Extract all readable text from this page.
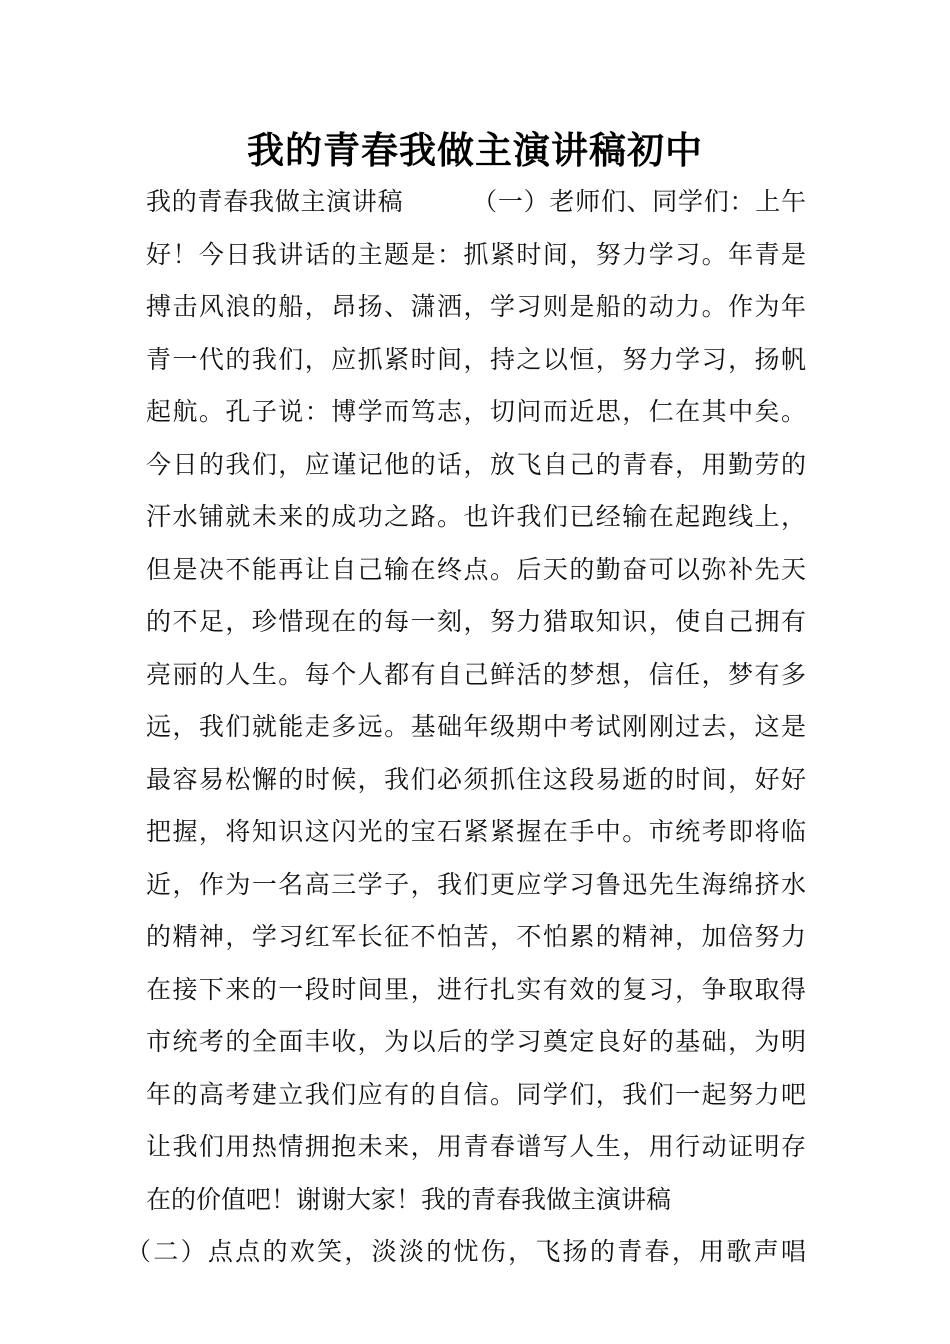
我的青春我做主演讲稿初中
我的青春我做主演讲稿	（一）老师们、同学们：上午
好！今日我讲话的主题是：抓紧时间，努力学习。年青是
搏击风浪的船，昂扬、潇洒，学习则是船的动力。作为年
青一代的我们，应抓紧时间，持之以恒，努力学习，扬帆
起航。孔子说：博学而笃志，切问而近思，仁在其中矣。
今日的我们，应谨记他的话，放飞自己的青春，用勤劳的
汗水铺就未来的成功之路。也许我们已经输在起跑线上，
但是决不能再让自己输在终点。后天的勤奋可以弥补先天
的不足，珍惜现在的每一刻，努力猎取知识，使自己拥有
亮丽的人生。每个人都有自己鲜活的梦想，信任，梦有多
远，我们就能走多远。基础年级期中考试刚刚过去，这是
最容易松懈的时候，我们必须抓住这段易逝的时间，好好
把握，将知识这闪光的宝石紧紧握在手中。市统考即将临
近，作为一名高三学子，我们更应学习鲁迅先生海绵挤水
的精神，学习红军长征不怕苦，不怕累的精神，加倍努力
在接下来的一段时间里，进行扎实有效的复习，争取取得
市统考的全面丰收，为以后的学习奠定良好的基础，为明
年的高考建立我们应有的自信。同学们，我们一起努力吧
让我们用热情拥抱未来，用青春谱写人生，用行动证明存
在的价值吧！谢谢大家！我的青春我做主演讲稿
（二）点点的欢笑，淡淡的忧伤，飞扬的青春，用歌声唱
